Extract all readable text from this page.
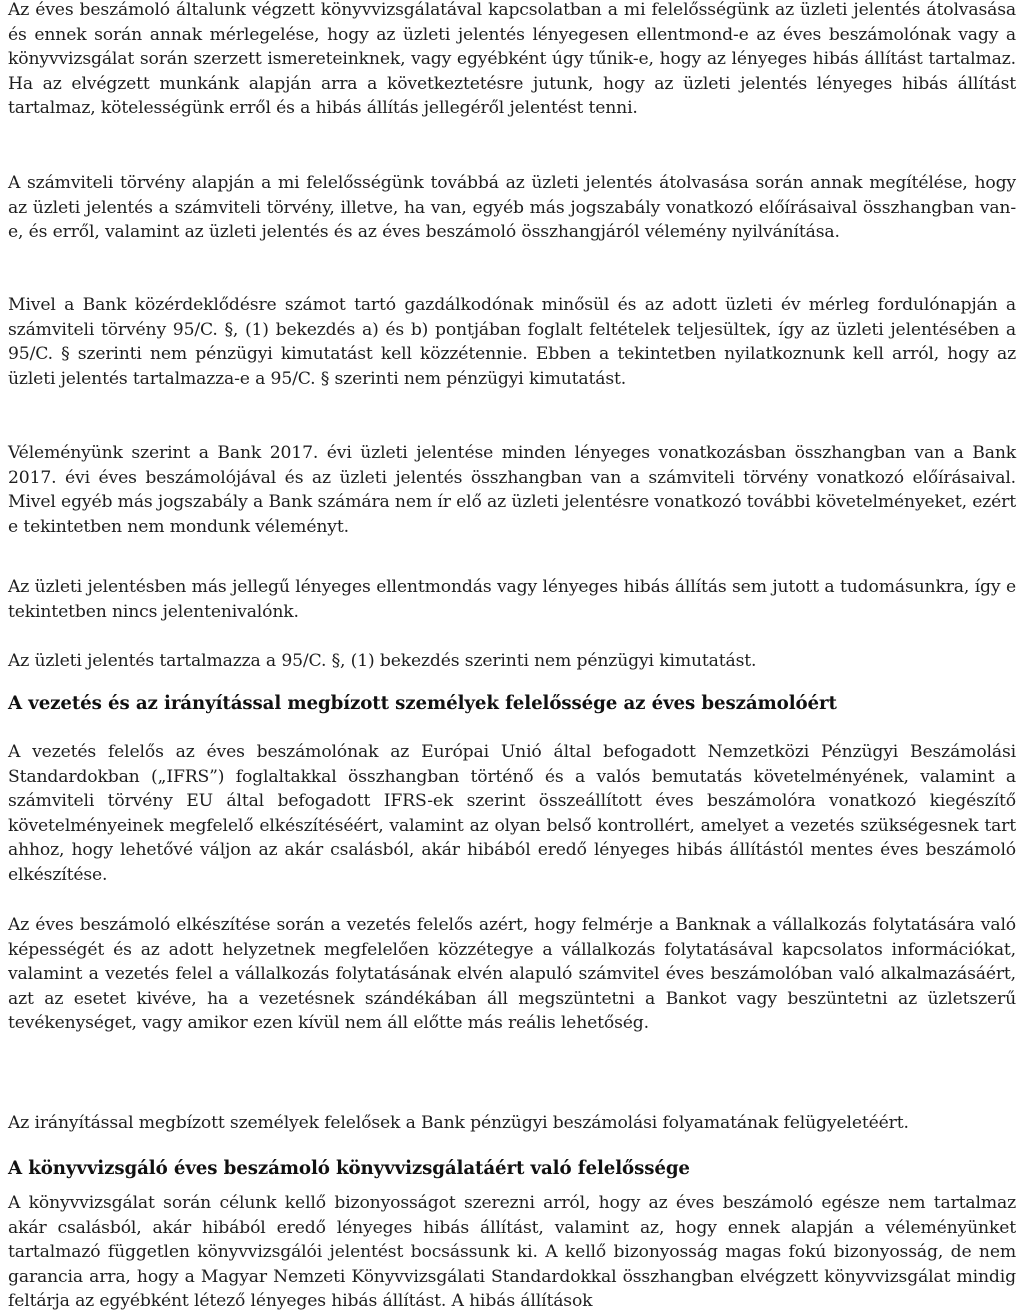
Az éves beszámoló általunk végzett könyvvizsgálatával kapcsolatban a mi felelősségünk az üzleti jelentés átolvasása és ennek során annak mérlegelése, hogy az üzleti jelentés lényegesen ellentmond-e az éves beszámolónak vagy a könyvvizsgálat során szerzett ismereteinknek, vagy egyébként úgy tűnik-e, hogy az lényeges hibás állítást tartalmaz. Ha az elvégzett munkánk alapján arra a következtetésre jutunk, hogy az üzleti jelentés lényeges hibás állítást tartalmaz, kötelességünk erről és a hibás állítás jellegéről jelentést tenni.

A számviteli törvény alapján a mi felelősségünk továbbá az üzleti jelentés átolvasása során annak megítélése, hogy az üzleti jelentés a számviteli törvény, illetve, ha van, egyéb más jogszabály vonatkozó előírásaival összhangban van-e, és erről, valamint az üzleti jelentés és az éves beszámoló összhangjáról vélemény nyilvánítása.

Mivel a Bank közérdeklődésre számot tartó gazdálkodónak minősül és az adott üzleti év mérleg fordulónapján a számviteli törvény 95/C. §, (1) bekezdés a) és b) pontjában foglalt feltételek teljesültek, így az üzleti jelentésében a 95/C. § szerinti nem pénzügyi kimutatást kell közzétennie. Ebben a tekintetben nyilatkoznunk kell arról, hogy az üzleti jelentés tartalmazza-e a 95/C. § szerinti nem pénzügyi kimutatást.

Véleményünk szerint a Bank 2017. évi üzleti jelentése minden lényeges vonatkozásban összhangban van a Bank 2017. évi éves beszámolójával és az üzleti jelentés összhangban van a számviteli törvény vonatkozó előírásaival. Mivel egyéb más jogszabály a Bank számára nem ír elő az üzleti jelentésre vonatkozó további követelményeket, ezért e tekintetben nem mondunk véleményt.

Az üzleti jelentésben más jellegű lényeges ellentmondás vagy lényeges hibás állítás sem jutott a tudomásunkra, így e tekintetben nincs jelentenivalónk.

Az üzleti jelentés tartalmazza a 95/C. §, (1) bekezdés szerinti nem pénzügyi kimutatást.

A vezetés és az irányítással megbízott személyek felelőssége az éves beszámolóért

A vezetés felelős az éves beszámolónak az Európai Unió által befogadott Nemzetközi Pénzügyi Beszámolási Standardokban („IFRS”) foglaltakkal összhangban történő és a valós bemutatás követelményének, valamint a számviteli törvény EU által befogadott IFRS-ek szerint összeállított éves beszámolóra vonatkozó kiegészítő követelményeinek megfelelő elkészítéséért, valamint az olyan belső kontrollért, amelyet a vezetés szükségesnek tart ahhoz, hogy lehetővé váljon az akár csalásból, akár hibából eredő lényeges hibás állítástól mentes éves beszámoló elkészítése.

Az éves beszámoló elkészítése során a vezetés felelős azért, hogy felmérje a Banknak a vállalkozás folytatására való képességét és az adott helyzetnek megfelelően közzétegye a vállalkozás folytatásával kapcsolatos információkat, valamint a vezetés felel a vállalkozás folytatásának elvén alapuló számvitel éves beszámolóban való alkalmazásáért, azt az esetet kivéve, ha a vezetésnek szándékában áll megszüntetni a Bankot vagy beszüntetni az üzletszerű tevékenységet, vagy amikor ezen kívül nem áll előtte más reális lehetőség.

Az irányítással megbízott személyek felelősek a Bank pénzügyi beszámolási folyamatának felügyeletéért.

A könyvvizsgáló éves beszámoló könyvvizsgálatáért való felelőssége

A könyvvizsgálat során célunk kellő bizonyosságot szerezni arról, hogy az éves beszámoló egésze nem tartalmaz akár csalásból, akár hibából eredő lényeges hibás állítást, valamint az, hogy ennek alapján a véleményünket tartalmazó független könyvvizsgálói jelentést bocsássunk ki. A kellő bizonyosság magas fokú bizonyosság, de nem garancia arra, hogy a Magyar Nemzeti Könyvvizsgálati Standardokkal összhangban elvégzett könyvvizsgálat mindig feltárja az egyébként létező lényeges hibás állítást. A hibás állítások
